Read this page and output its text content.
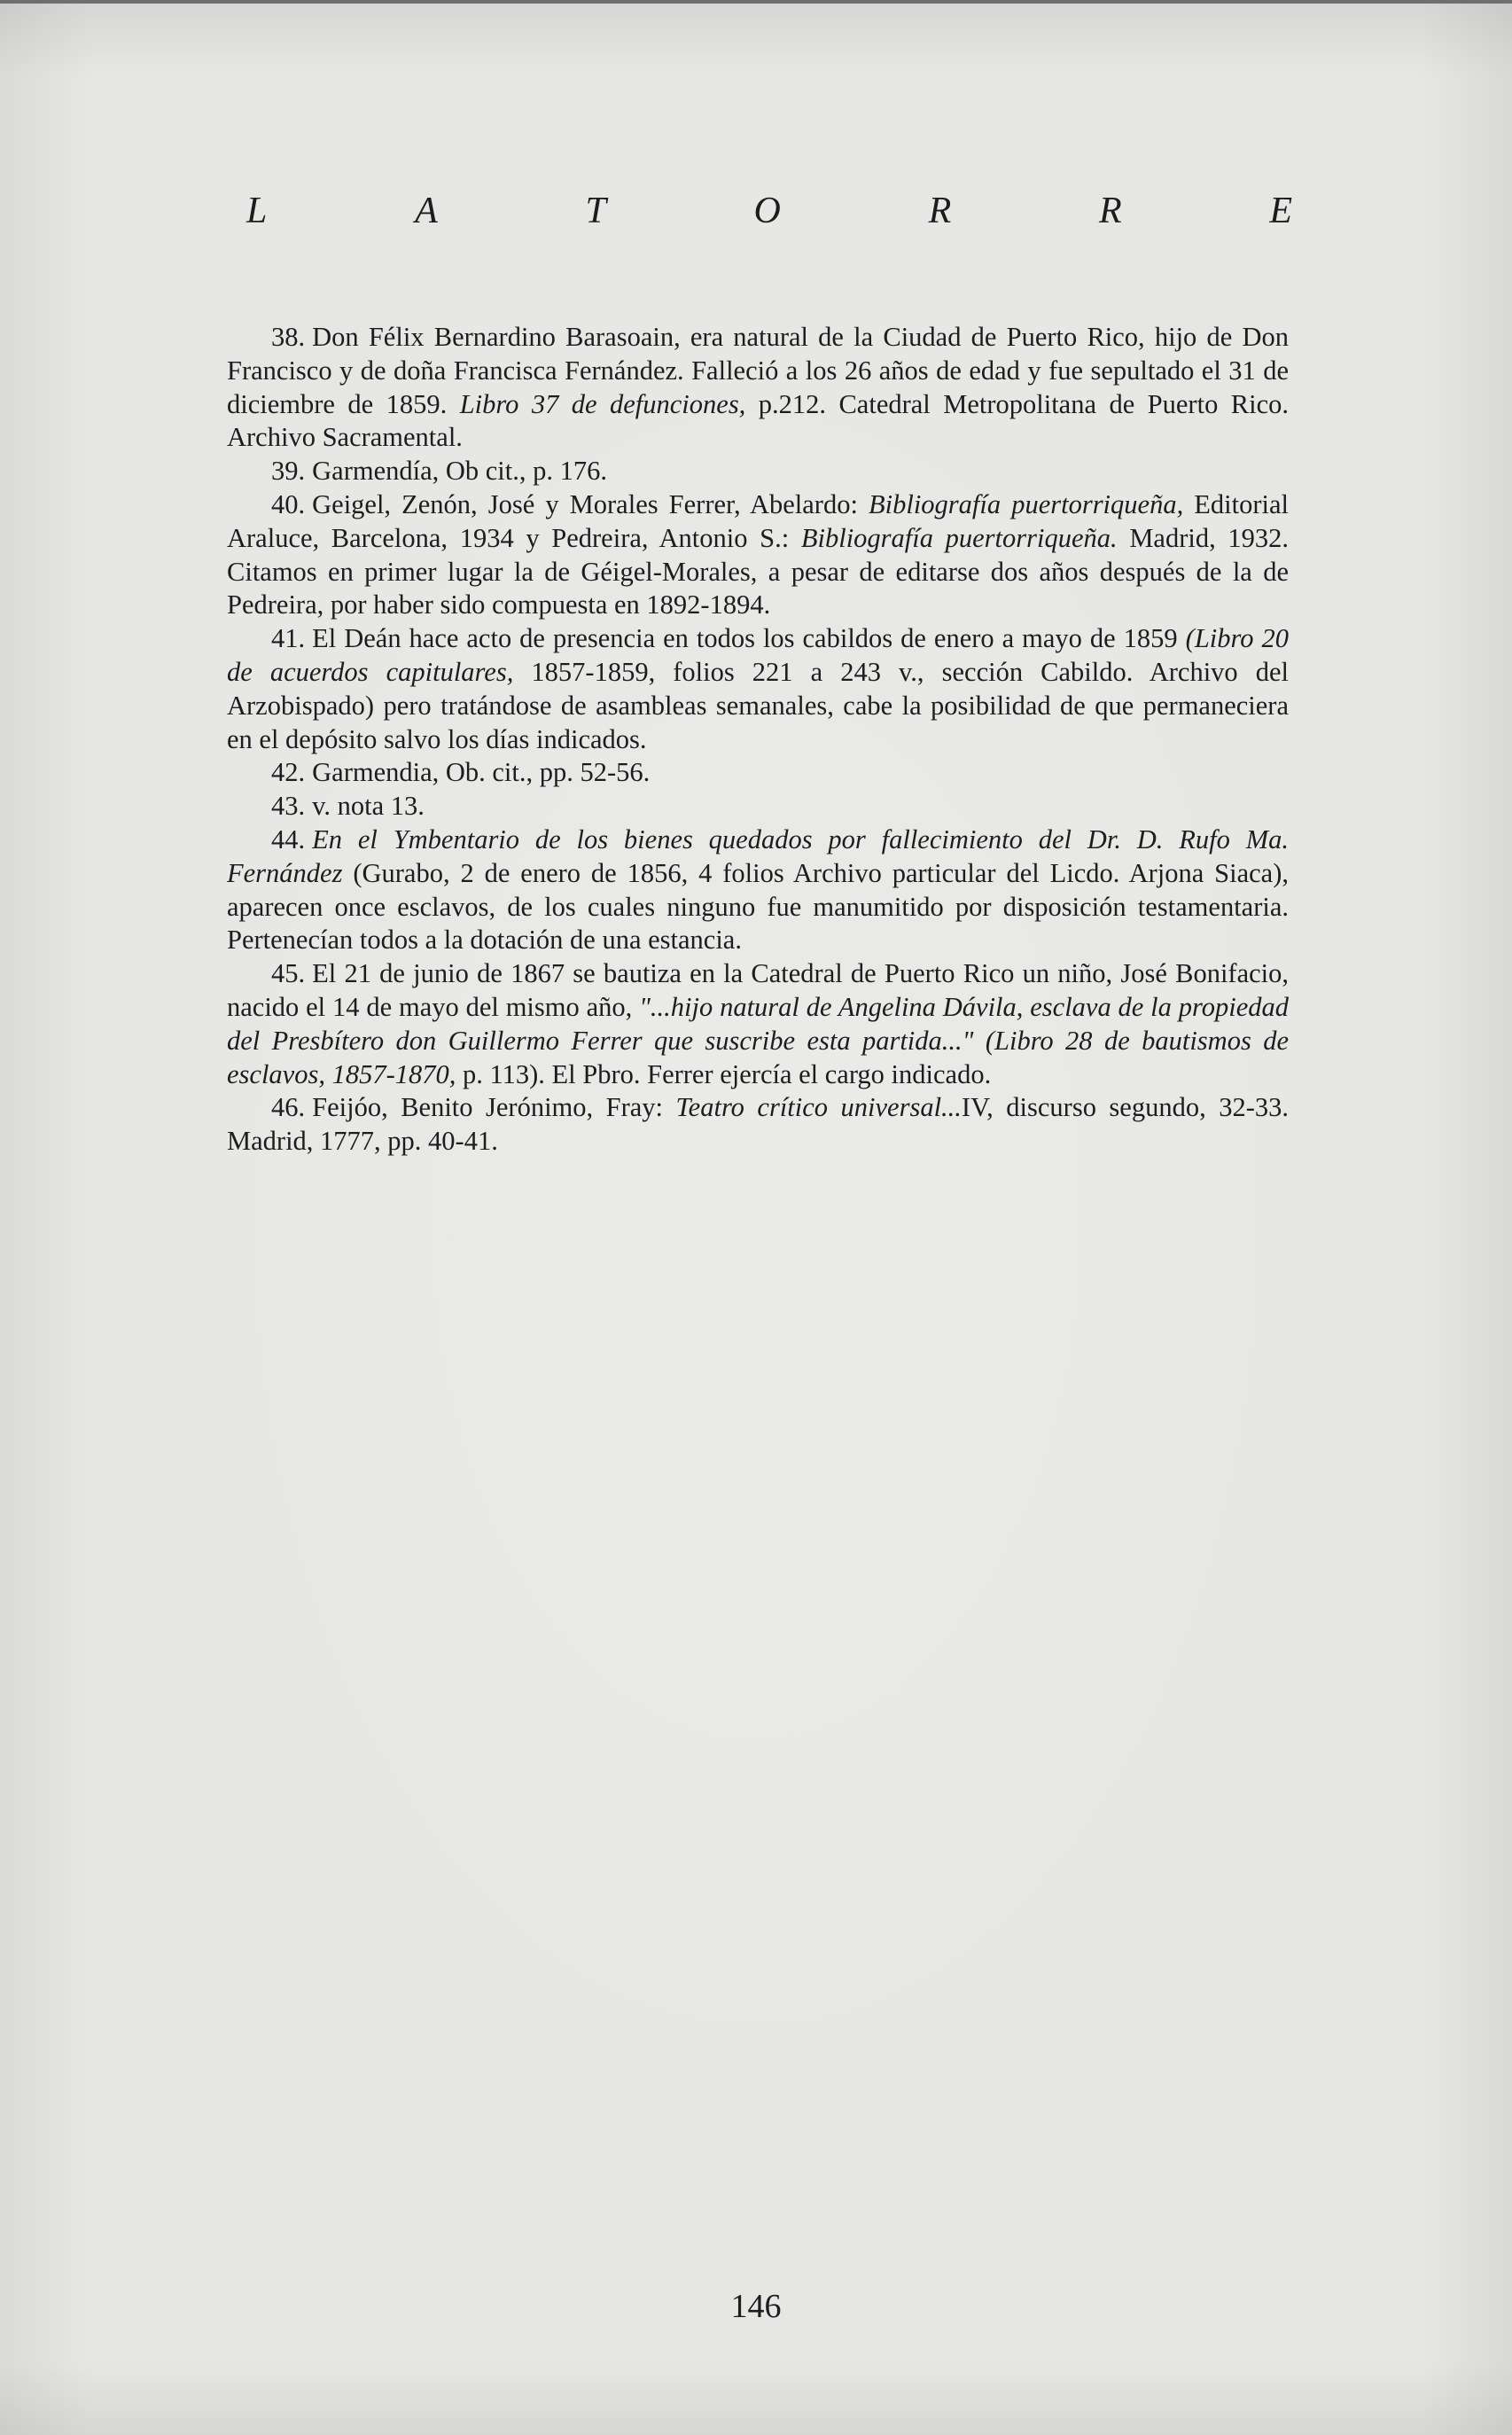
L	A	T	O	R	R	E

38. Don Félix Bernardino Barasoain, era natural de la Ciudad de Puerto Rico, hijo de Don Francisco y de doña Francisca Fernández. Falleció a los 26 años de edad y fue sepultado el 31 de diciembre de 1859. Libro 37 de defunciones, p.212. Catedral Metropolitana de Puerto Rico. Archivo Sacramental.

39. Garmendía, Ob cit., p. 176.

40. Geigel, Zenón, José y Morales Ferrer, Abelardo: Bibliografía puertorriqueña, Editorial Araluce, Barcelona, 1934 y Pedreira, Antonio S.: Bibliografía puertorriqueña. Madrid, 1932. Citamos en primer lugar la de Géigel-Morales, a pesar de editarse dos años después de la de Pedreira, por haber sido compuesta en 1892-1894.

41. El Deán hace acto de presencia en todos los cabildos de enero a mayo de 1859 (Libro 20 de acuerdos capitulares, 1857-1859, folios 221 a 243 v., sección Cabildo. Archivo del Arzobispado) pero tratándose de asambleas semanales, cabe la posibilidad de que permaneciera en el depósito salvo los días indicados.

42. Garmendia, Ob. cit., pp. 52-56.

43. v. nota 13.

44. En el Ymbentario de los bienes quedados por fallecimiento del Dr. D. Rufo Ma. Fernández (Gurabo, 2 de enero de 1856, 4 folios Archivo particular del Licdo. Arjona Siaca), aparecen once esclavos, de los cuales ninguno fue manumitido por disposición testamentaria. Pertenecían todos a la dotación de una estancia.

45. El 21 de junio de 1867 se bautiza en la Catedral de Puerto Rico un niño, José Bonifacio, nacido el 14 de mayo del mismo año, "...hijo natural de Angelina Dávila, esclava de la propiedad del Presbítero don Guillermo Ferrer que suscribe esta partida..." (Libro 28 de bautismos de esclavos, 1857-1870, p. 113). El Pbro. Ferrer ejercía el cargo indicado.

46. Feijóo, Benito Jerónimo, Fray: Teatro crítico universal...IV, discurso segundo, 32-33. Madrid, 1777, pp. 40-41.

146
